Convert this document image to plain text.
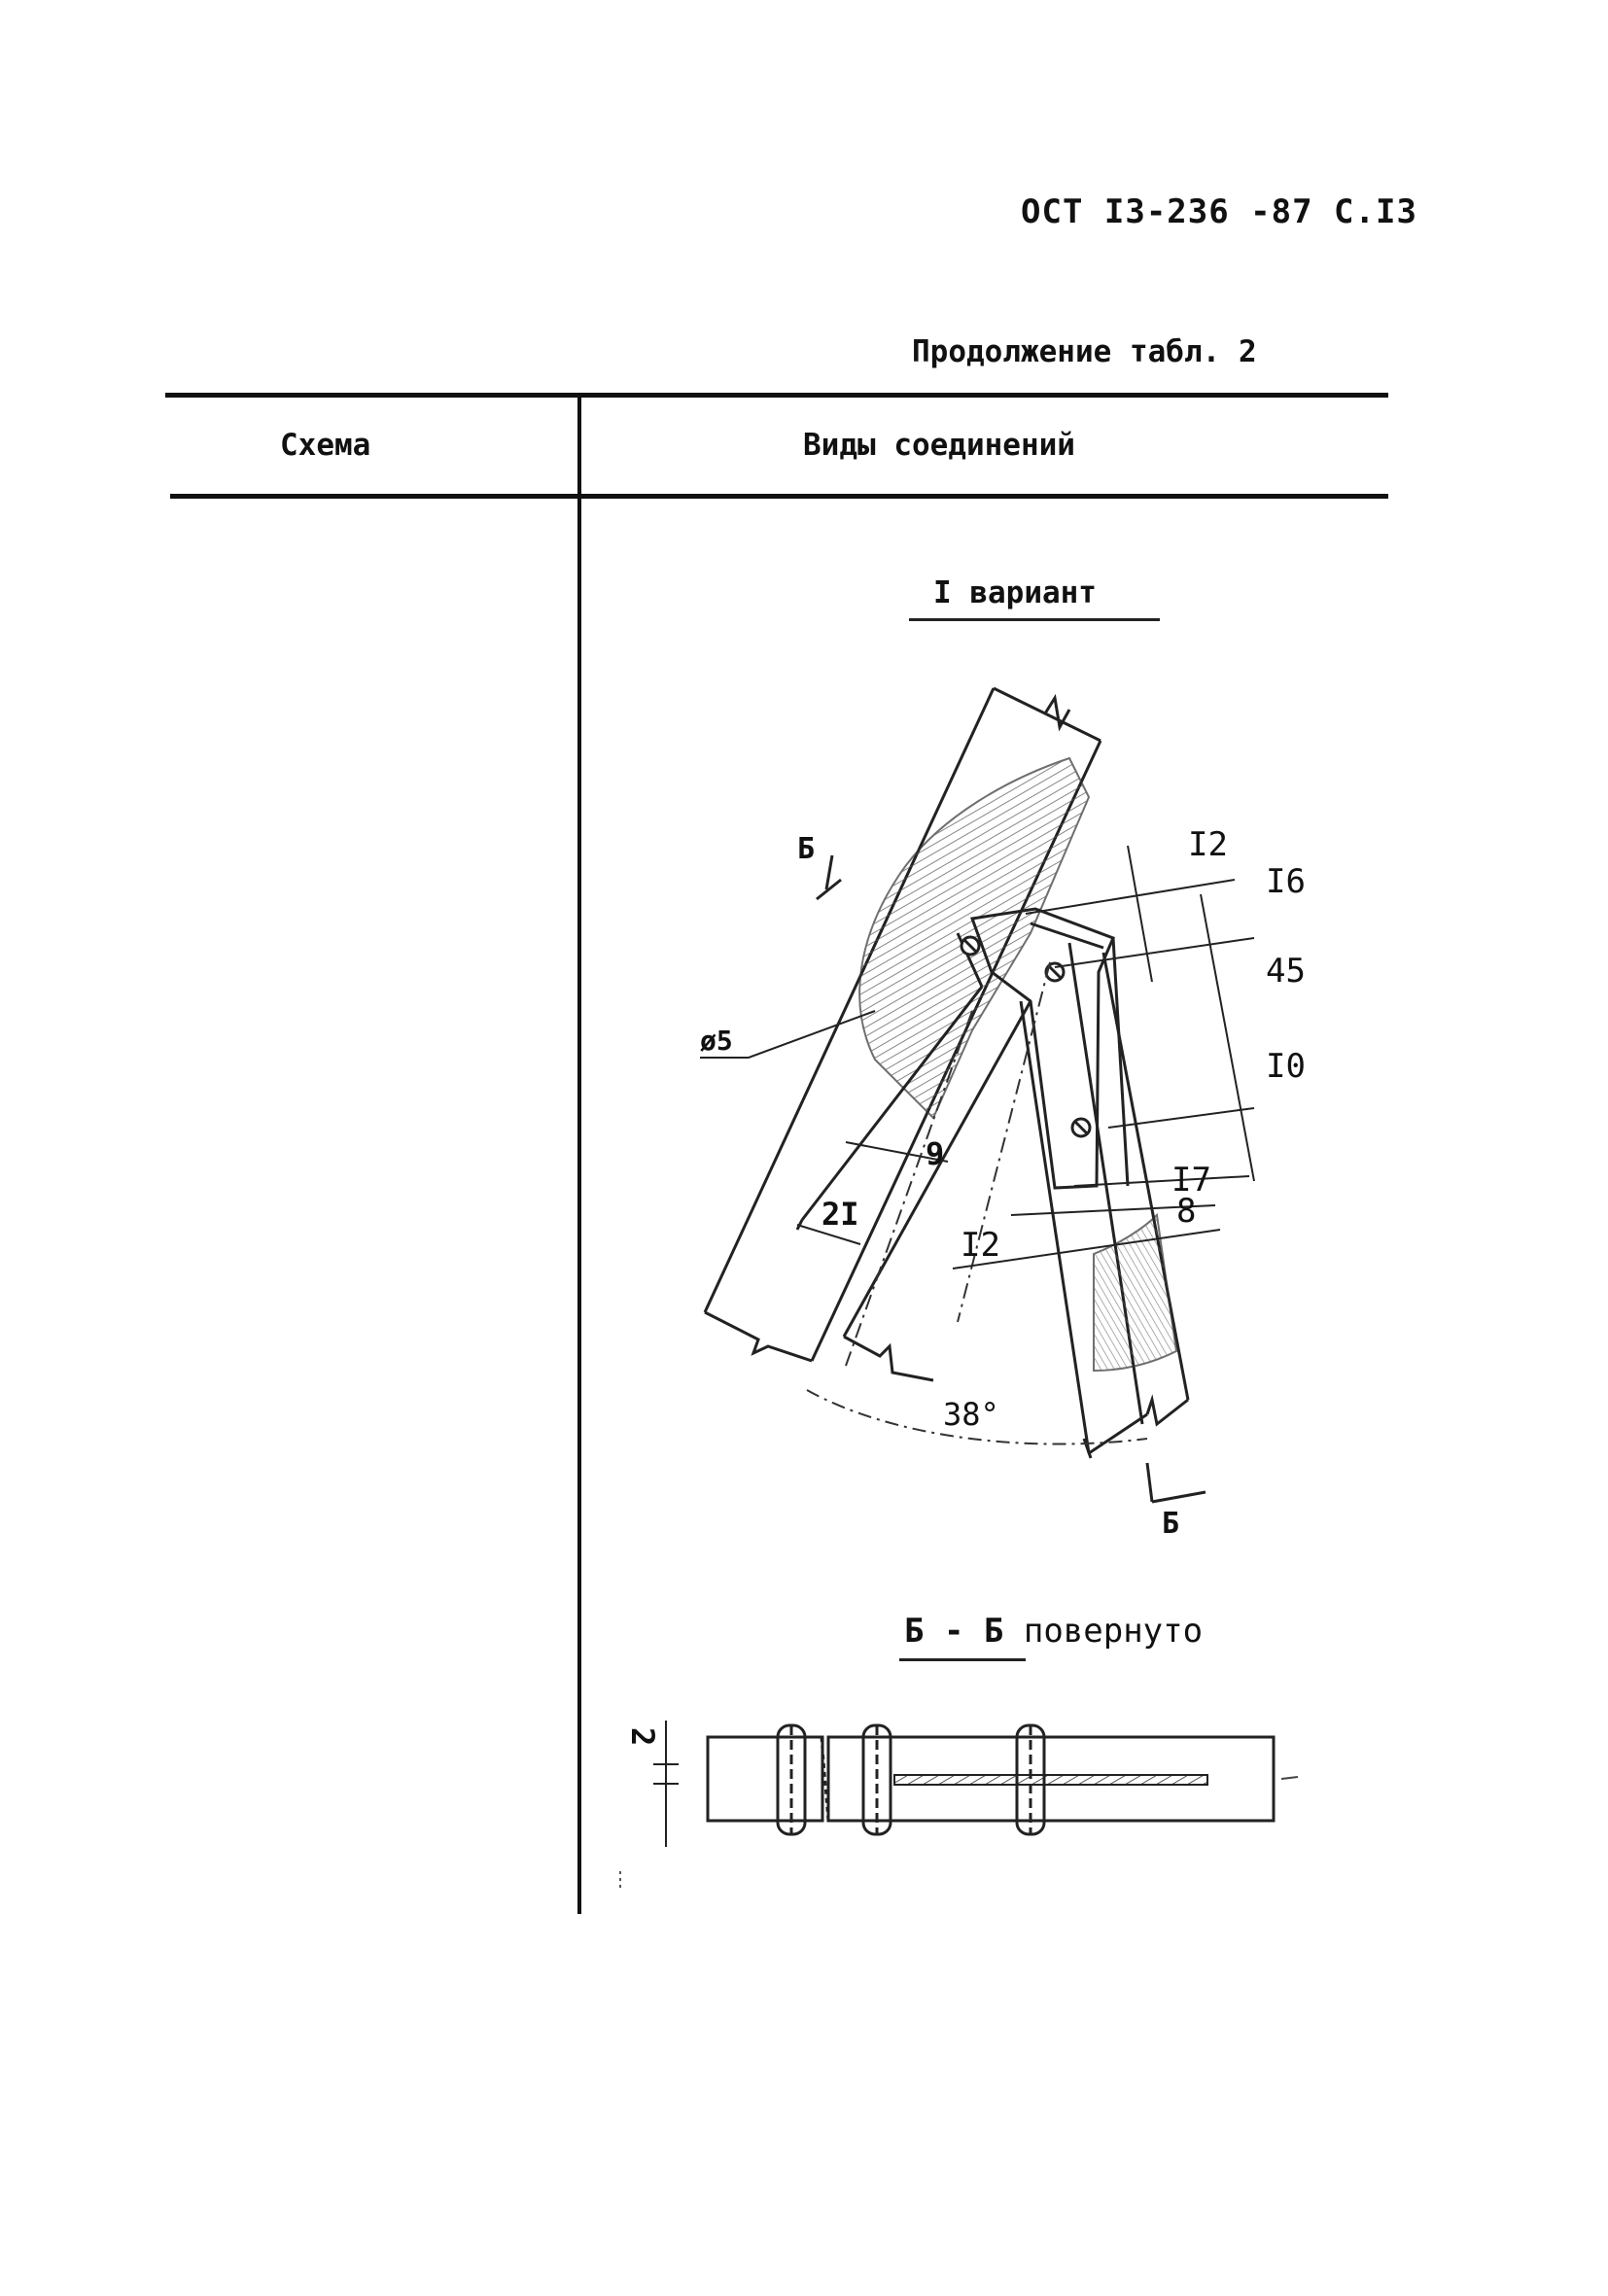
ОСТ I3-236 -87 С.I3
Продолжение табл. 2
Схема	Виды соединений
I вариант
Б
Б
ø5
I2
I6
45
I0
9
2I
I2
I7
8
38°
Б - Б повернуто
2
